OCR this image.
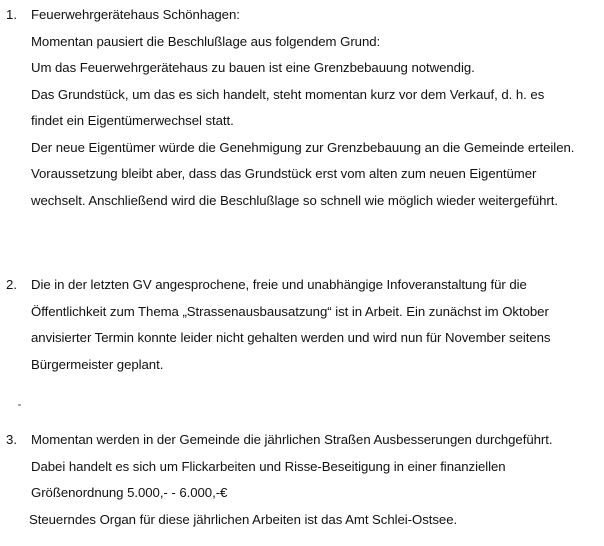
1. Feuerwehrgerätehaus Schönhagen:
Momentan pausiert die Beschlußlage aus folgendem Grund:
Um das Feuerwehrgerätehaus zu bauen ist eine Grenzbebauung notwendig.
Das Grundstück, um das es sich handelt, steht momentan kurz vor dem Verkauf, d. h. es
findet ein Eigentümerwechsel statt.
Der neue Eigentümer würde die Genehmigung zur Grenzbebauung an die Gemeinde erteilen.
Voraussetzung bleibt aber, dass das Grundstück erst vom alten zum neuen Eigentümer
wechselt. Anschließend wird die Beschlußlage so schnell wie möglich wieder weitergeführt.
2. Die in der letzten GV angesprochene, freie und unabhängige Infoveranstaltung für die
Öffentlichkeit zum Thema „Strassenausbausatzung“ ist in Arbeit. Ein zunächst im Oktober
anvisierter Termin konnte leider nicht gehalten werden und wird nun für November seitens
Bürgermeister geplant.
3. Momentan werden in der Gemeinde die jährlichen Straßen Ausbesserungen durchgeführt.
Dabei handelt es sich um Flickarbeiten und Risse-Beseitigung in einer finanziellen
Größenordnung 5.000,- - 6.000,-€
Steuerndes Organ für diese jährlichen Arbeiten ist das Amt Schlei-Ostsee.
